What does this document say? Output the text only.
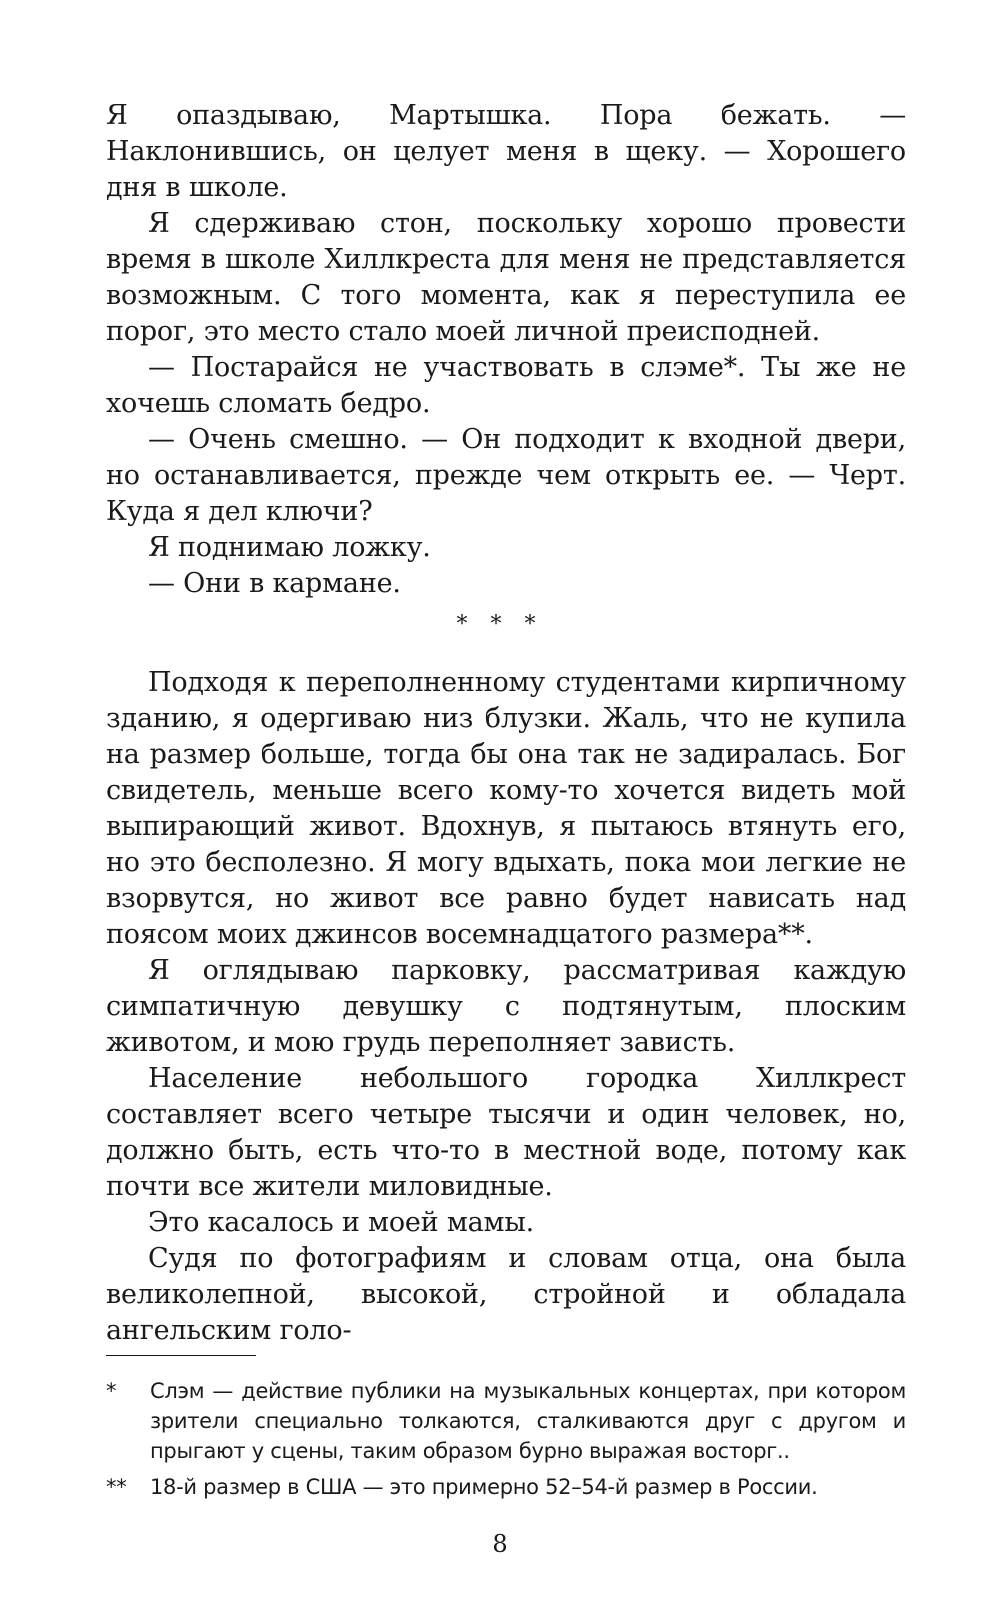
Я опаздываю, Мартышка. Пора бежать. — Наклонившись, он целует меня в щеку. — Хорошего дня в школе.

Я сдерживаю стон, поскольку хорошо провести время в школе Хиллкреста для меня не представляется возможным. С того момента, как я переступила ее порог, это место стало моей личной преисподней.

— Постарайся не участвовать в слэме*. Ты же не хочешь сломать бедро.

— Очень смешно. — Он подходит к входной двери, но останавливается, прежде чем открыть ее. — Черт. Куда я дел ключи?

Я поднимаю ложку.

— Они в кармане.

* * *

Подходя к переполненному студентами кирпичному зданию, я одергиваю низ блузки. Жаль, что не купила на размер больше, тогда бы она так не задиралась. Бог свидетель, меньше всего кому-то хочется видеть мой выпирающий живот. Вдохнув, я пытаюсь втянуть его, но это бесполезно. Я могу вдыхать, пока мои легкие не взорвутся, но живот все равно будет нависать над поясом моих джинсов восемнадцатого размера**.

Я оглядываю парковку, рассматривая каждую симпатичную девушку с подтянутым, плоским животом, и мою грудь переполняет зависть.

Население небольшого городка Хиллкрест составляет всего четыре тысячи и один человек, но, должно быть, есть что-то в местной воде, потому как почти все жители миловидные.

Это касалось и моей мамы.

Судя по фотографиям и словам отца, она была великолепной, высокой, стройной и обладала ангельским голо-

* Слэм — действие публики на музыкальных концертах, при котором зрители специально толкаются, сталкиваются друг с другом и прыгают у сцены, таким образом бурно выражая восторг..
** 18-й размер в США — это примерно 52–54-й размер в России.
8
